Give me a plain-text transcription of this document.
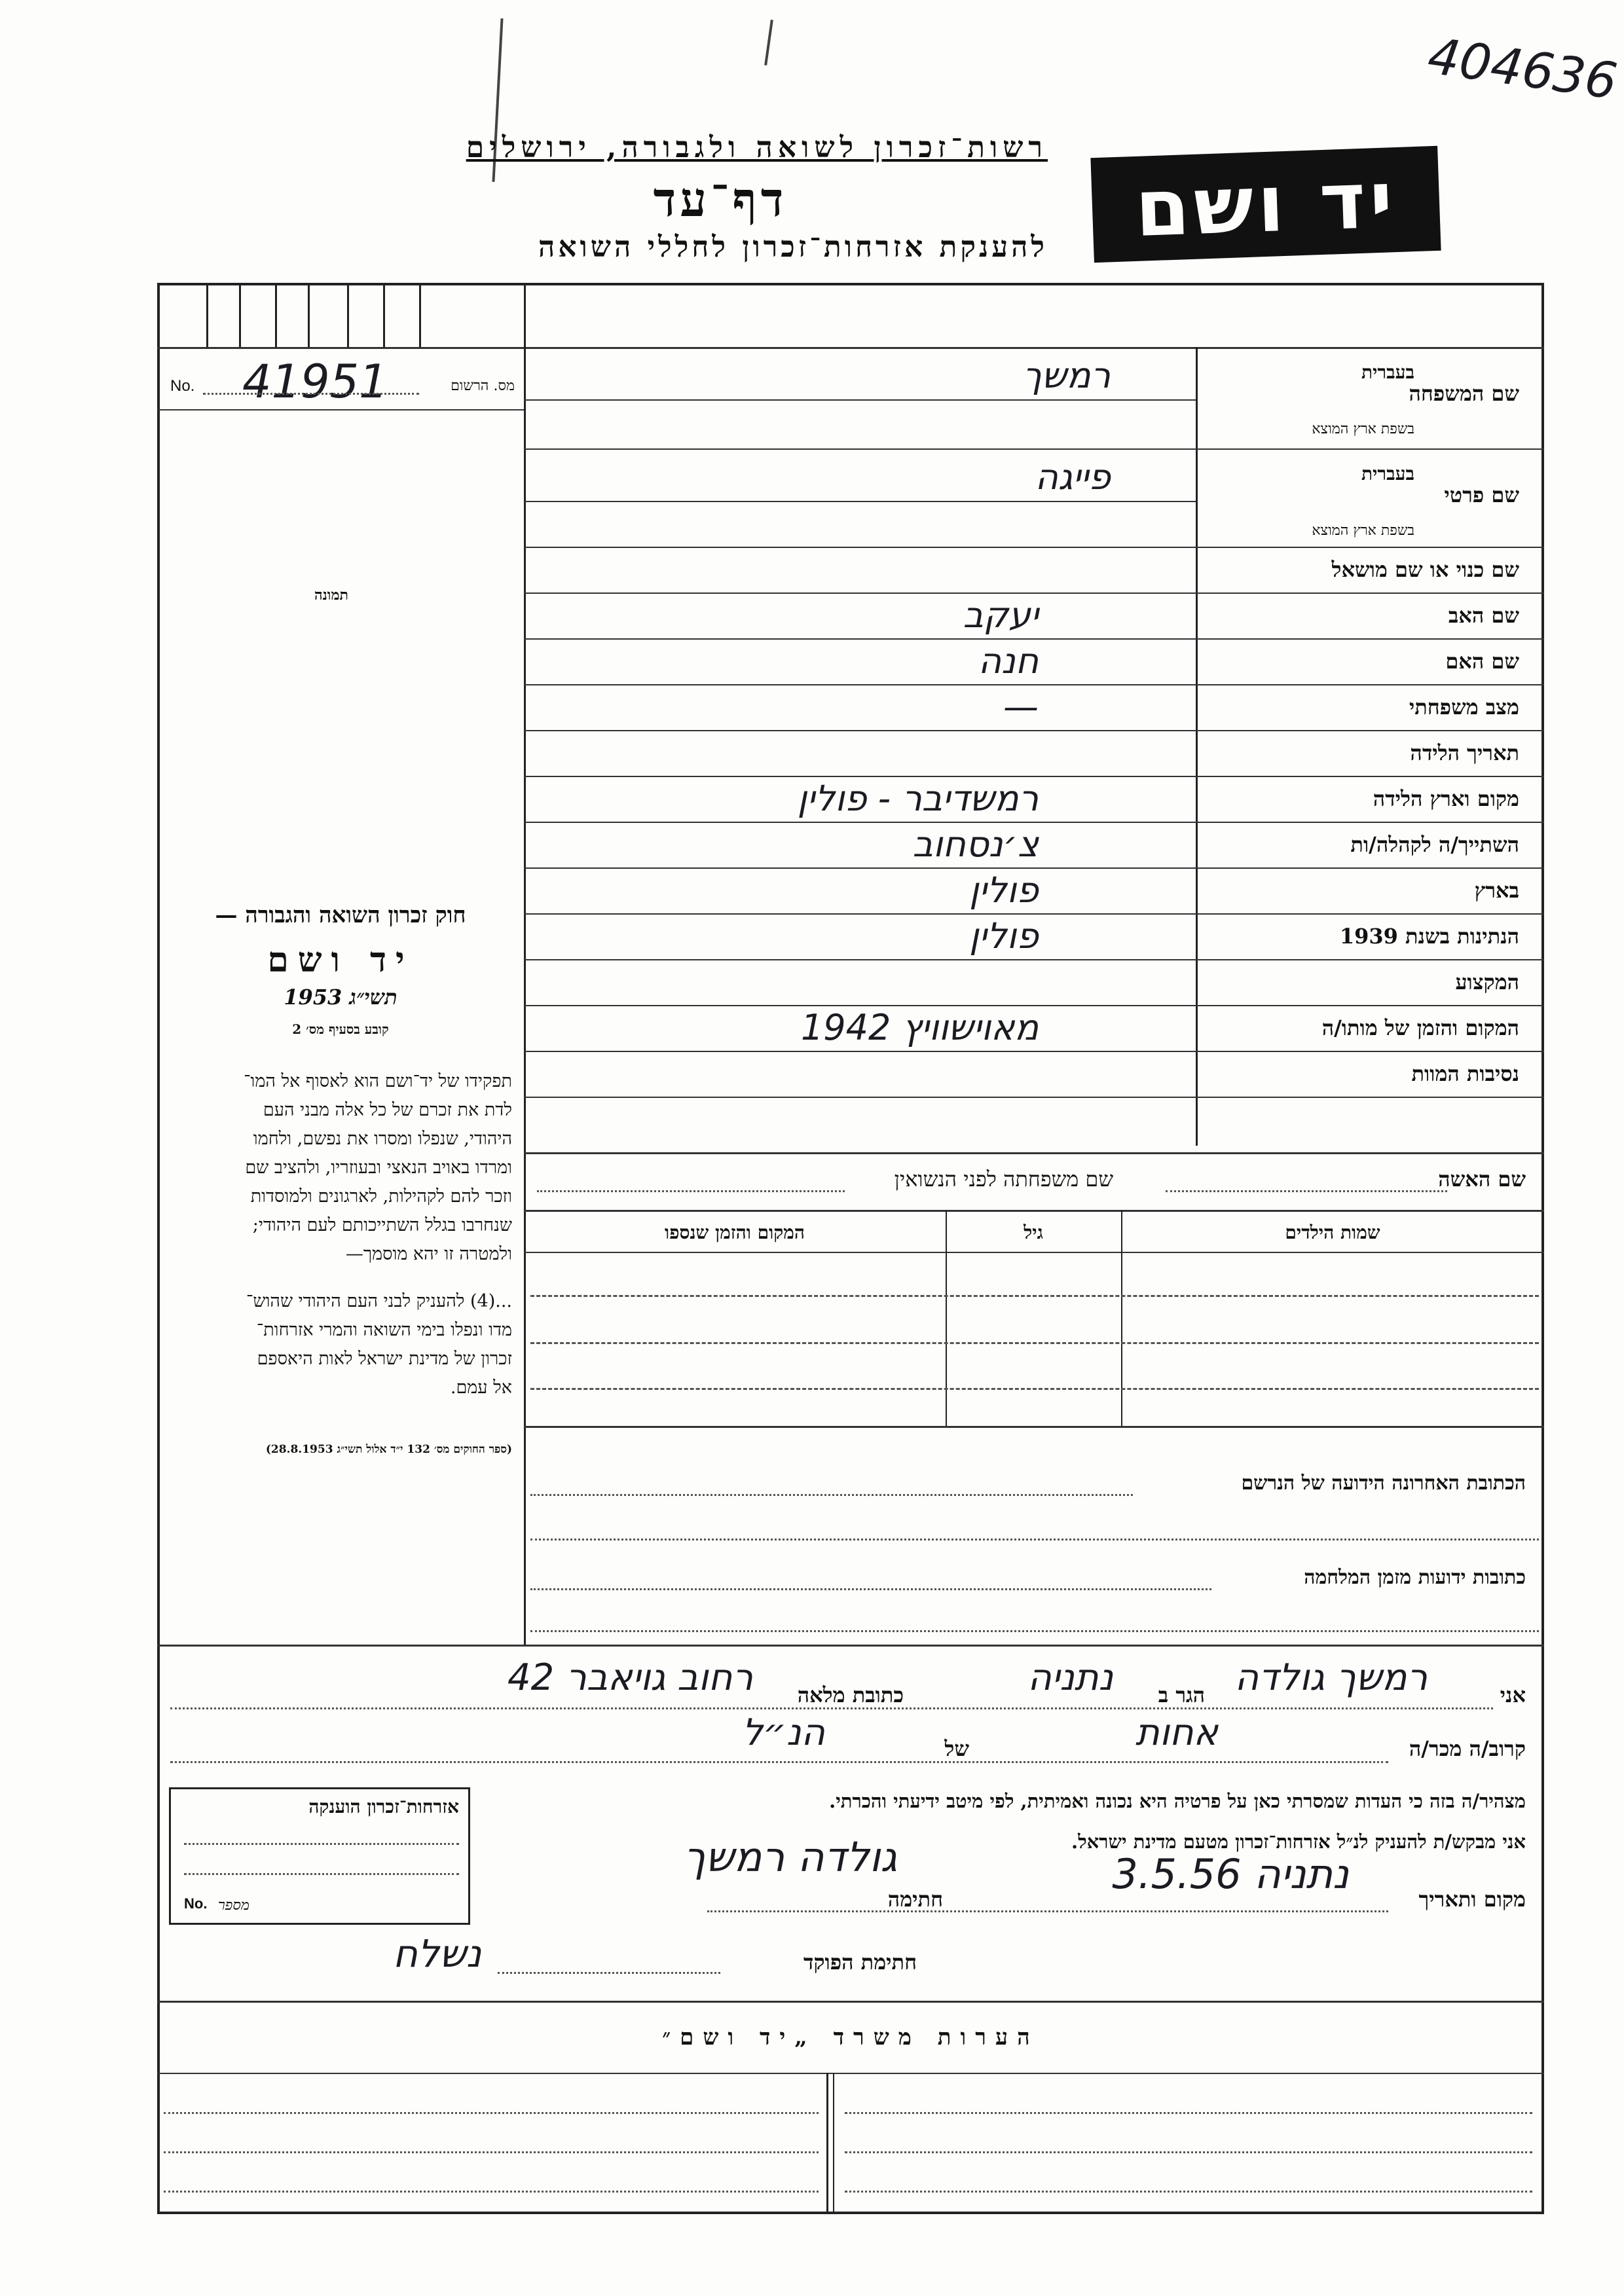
404636
רשות־זכרון לשואה ולגבורה, ירושלים
דף־עד
להענקת אזרחות־זכרון לחללי השואה יד ושם
No. 41951	מס. הרשום
תמונה
חוק זכרון השואה והגבורה —
יד ושם
תשי״ג 1953
קובע בסעיף מס׳ 2
תפקידו של יד־ושם הוא לאסוף אל המו־
לדת את זכרם של כל אלה מבני העם
היהודי, שנפלו ומסרו את נפשם, ולחמו
ומרדו באויב הנאצי ובעוזריו, ולהציב שם
וזכר להם לקהילות, לארגונים ולמוסדות
שנחרבו בגלל השתייכותם לעם היהודי;
ולמטרה זו יהא מוסמך—
...(4) להעניק לבני העם היהודי שהוש־
מדו ונפלו בימי השואה והמרי אזרחות־
זכרון של מדינת ישראל לאות היאספם
אל עמם.
(ספר החוקים מס׳ 132 י״ד אלול תשי״ג 28.8.1953)
שם המשפחה
בעברית
בשפת ארץ המוצא
רמשך
שם פרטי
בעברית
בשפת ארץ המוצא
פייגה
שם כנוי או שם מושאל
שם האב
יעקב
שם האם
חנה
מצב משפחתי
—
תאריך הלידה
מקום וארץ הלידה
רמשדיבר - פולין
השתייך/ה לקהלה/ות
צ׳נסחוב
בארץ
פולין
הנתינות בשנת 1939
פולין
המקצוע
המקום והזמן של מותו/ה
מאוישוויץ 1942
נסיבות המוות
שם האשה
שם משפחתה לפני הנשואין
שמות הילדים
גיל
המקום והזמן שנספו
הכתובת האחרונה הידועה של הנרשם
כתובות ידועות מזמן המלחמה
אני
רמשך גולדה
הגר ב
נתניה
כתובת מלאה
רחוב גויאבר 42
קרוב/ה מכר/ה
אחות
של
הנ״ל
מצהיר/ה בזה כי העדות שמסרתי כאן על פרטיה היא נכונה ואמיתית, לפי מיטב ידיעתי והכרתי.
אני מבקש/ת להעניק לנ״ל אזרחות־זכרון מטעם מדינת ישראל.
מקום ותאריך
נתניה 3.5.56
חתימה
גולדה רמשך
חתימת הפוקד
נשלח
אזרחות־זכרון הוענקה
No. מספר
הערות משרד „יד ושם״
